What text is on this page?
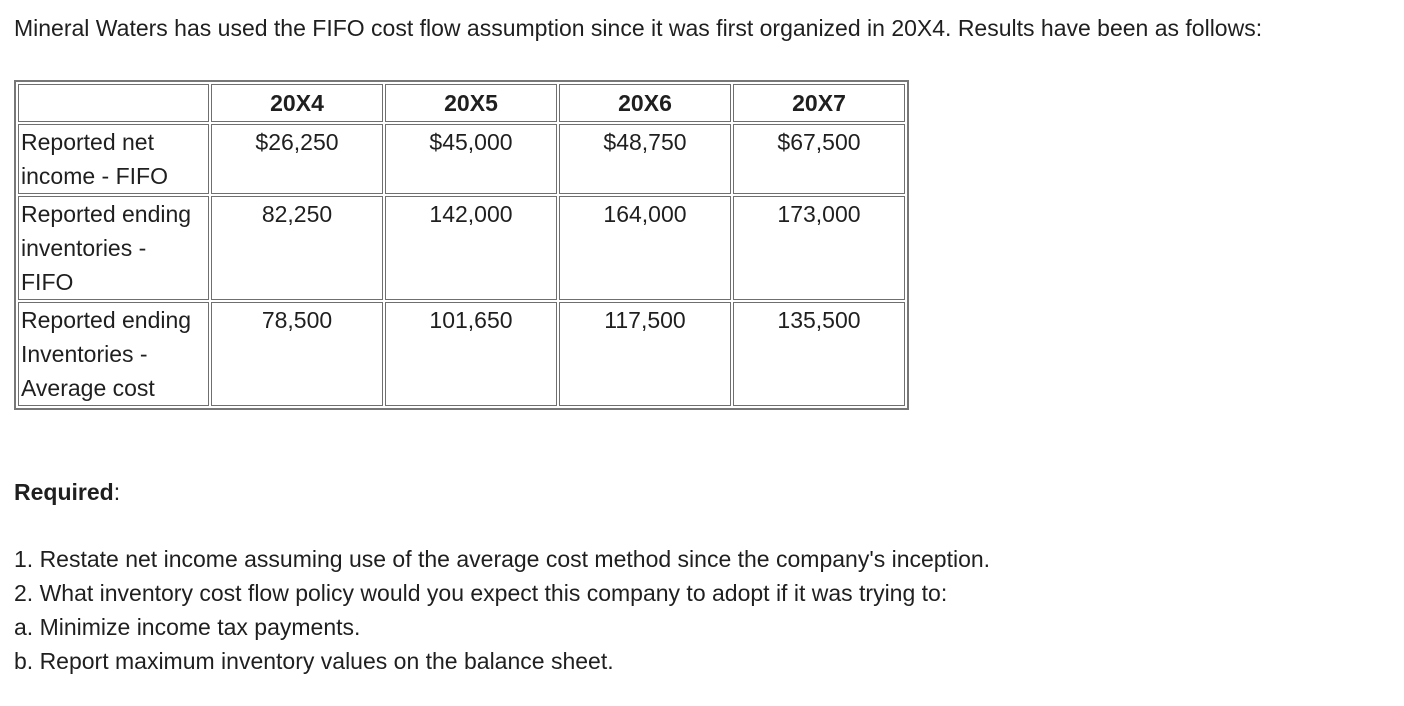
Mineral Waters has used the FIFO cost flow assumption since it was first organized in 20X4. Results have been as follows:
	20X4	20X5	20X6	20X7

Reported net
income - FIFO	$26,250	$45,000	$48,750	$67,500

Reported ending
inventories -
FIFO	82,250	142,000	164,000	173,000

Reported ending
Inventories -
Average cost	78,500	101,650	117,500	135,500
Required:
1. Restate net income assuming use of the average cost method since the company's inception.
2. What inventory cost flow policy would you expect this company to adopt if it was trying to:
a. Minimize income tax payments.
b. Report maximum inventory values on the balance sheet.
